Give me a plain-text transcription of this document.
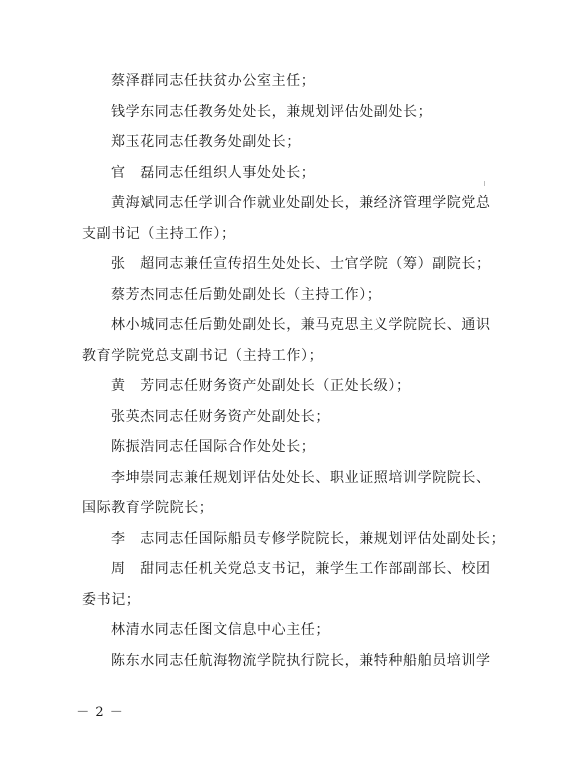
蔡泽群同志任扶贫办公室主任；
钱学东同志任教务处处长，兼规划评估处副处长；
郑玉花同志任教务处副处长；
官　磊同志任组织人事处处长；
黄海斌同志任学训合作就业处副处长，兼经济管理学院党总
支副书记（主持工作）；
张　超同志兼任宣传招生处处长、士官学院（筹）副院长；
蔡芳杰同志任后勤处副处长（主持工作）；
林小城同志任后勤处副处长，兼马克思主义学院院长、通识
教育学院党总支副书记（主持工作）；
黄　芳同志任财务资产处副处长（正处长级）；
张英杰同志任财务资产处副处长；
陈振浩同志任国际合作处处长；
李坤崇同志兼任规划评估处处长、职业证照培训学院院长、
国际教育学院院长；
李　志同志任国际船员专修学院院长，兼规划评估处副处长；
周　甜同志任机关党总支书记，兼学生工作部副部长、校团
委书记；
林清水同志任图文信息中心主任；
陈东水同志任航海物流学院执行院长，兼特种船舶员培训学
－ 2 －
